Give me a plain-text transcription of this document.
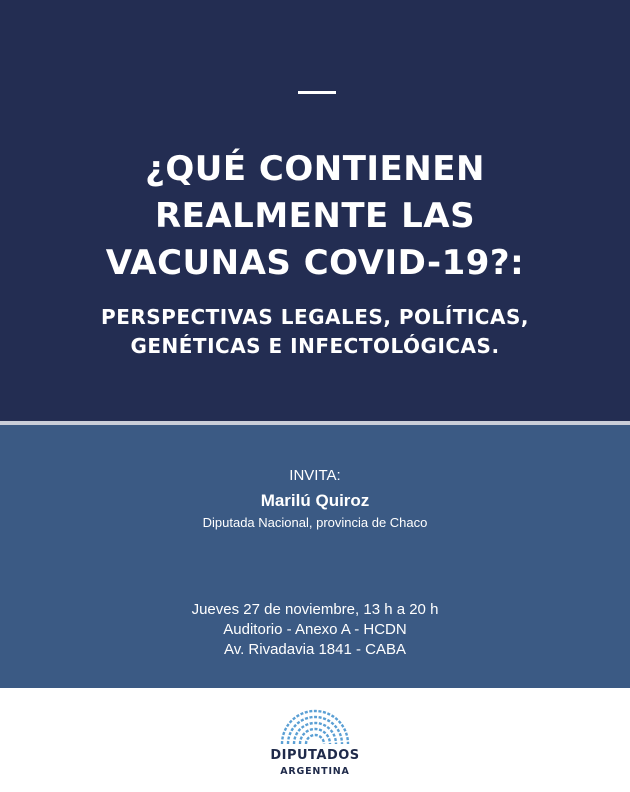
¿QUÉ CONTIENEN
REALMENTE LAS
VACUNAS COVID-19?:
PERSPECTIVAS LEGALES, POLÍTICAS,
GENÉTICAS E INFECTOLÓGICAS.
INVITA:
Marilú Quiroz
Diputada Nacional, provincia de Chaco
Jueves 27 de noviembre, 13 h a 20 h
Auditorio - Anexo A - HCDN
Av. Rivadavia 1841 - CABA
DIPUTADOS
ARGENTINA
